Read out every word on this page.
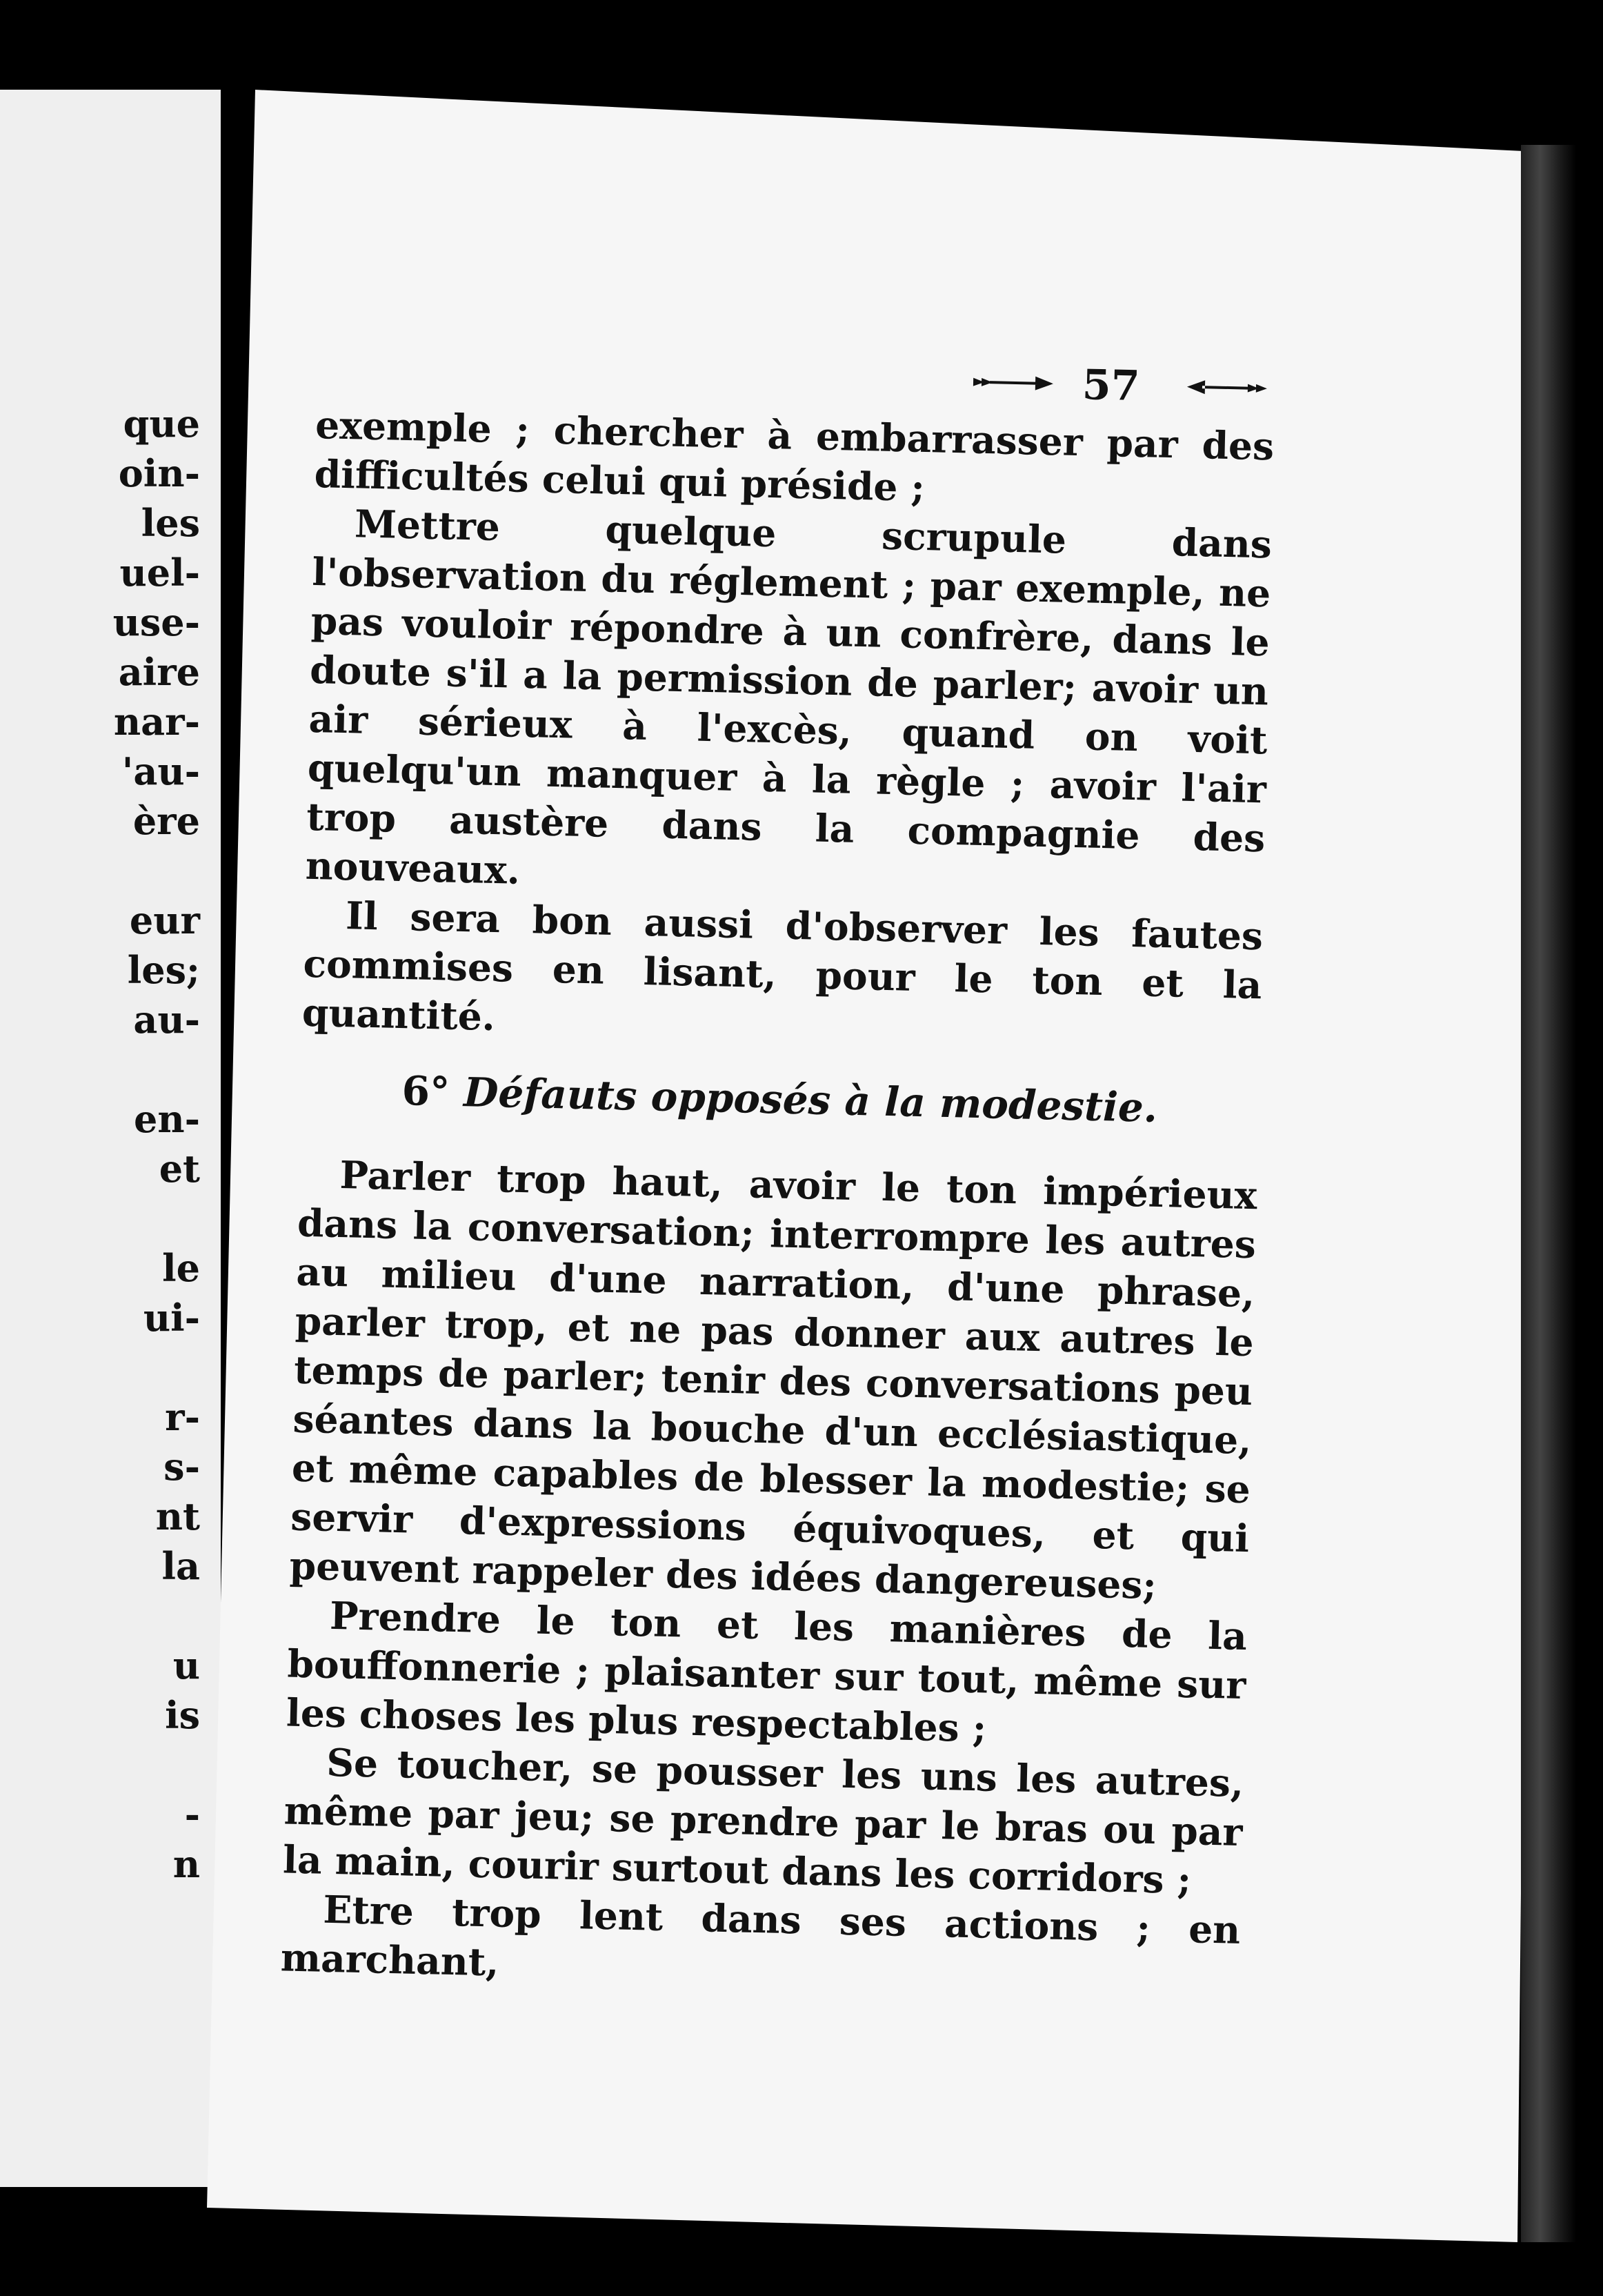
que
oin-
les
uel-
use-
aire
nar-
'au-
ère
eur
les;
au-
en-
et
le
ui-
r-
s-
nt
la
u
is
-
n
57

exemple ; chercher à embarrasser par des difficultés celui qui préside ;

Mettre quelque scrupule dans l'observation du réglement ; par exemple, ne pas vouloir répondre à un confrère, dans le doute s'il a la permission de parler; avoir un air sérieux à l'excès, quand on voit quelqu'un manquer à la règle ; avoir l'air trop austère dans la compagnie des nouveaux.

Il sera bon aussi d'observer les fautes commises en lisant, pour le ton et la quantité.

6° Défauts opposés à la modestie.

Parler trop haut, avoir le ton impérieux dans la conversation; interrompre les autres au milieu d'une narration, d'une phrase, parler trop, et ne pas donner aux autres le temps de parler; tenir des conversations peu séantes dans la bouche d'un ecclésiastique, et même capables de blesser la modestie; se servir d'expressions équivoques, et qui peuvent rappeler des idées dangereuses;

Prendre le ton et les manières de la bouffonnerie ; plaisanter sur tout, même sur les choses les plus respectables ;

Se toucher, se pousser les uns les autres, même par jeu; se prendre par le bras ou par la main, courir surtout dans les corridors ;

Etre trop lent dans ses actions ; en marchant,
